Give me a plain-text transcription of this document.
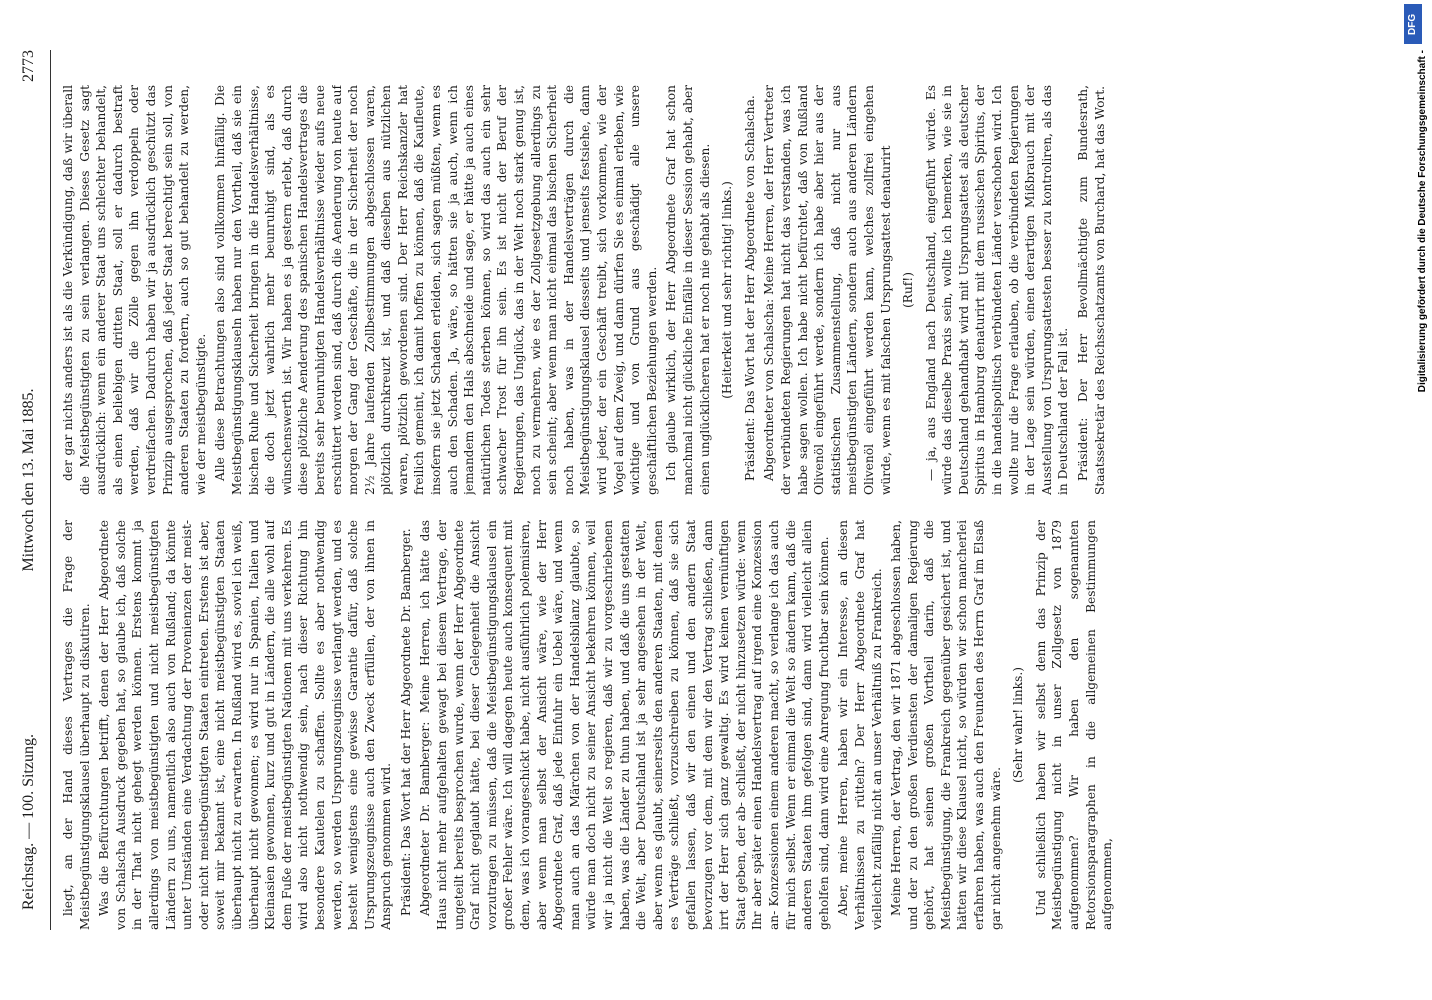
Reichstag. — 100. Sitzung.
Mittwoch den 13. Mai 1885.
2773

liegt, an der Hand dieses Vertrages die Frage der Meistbegünstigungsklausel überhaupt zu diskutiren. Was die Befürchtungen betrifft, denen der Herr Abgeordnete von Schalscha Ausdruck gegeben hat, so glaube ich, daß solche in der That nicht gehegt werden können. Erstens kommt ja allerdings von meistbegünstigten und nicht meistbegünstigten Ländern zu uns, namentlich also auch von Rußland; da könnte unter Umständen eine Verdachtung der Provenienzen der meist- oder nicht meistbegünstigten Staaten eintreten. Erstens ist aber, soweit mir bekannt ist, eine nicht meistbegünstigten Staaten überhaupt nicht zu erwarten. In Rußland wird es, soviel ich weiß, überhaupt nicht gewonnen; es wird nur in Spanien, Italien und Kleinasien gewonnen, kurz und gut in Ländern, die alle wohl auf dem Fuße der meistbegünstigten Nationen mit uns verkehren. Es wird also nicht nothwendig sein, nach dieser Richtung hin besondere Kautelen zu schaffen. Sollte es aber nothwendig werden, so werden Ursprungszeugnisse verlangt werden, und es besteht wenigstens eine gewisse Garantie dafür, daß solche Ursprungszeugnisse auch den Zweck erfüllen, der von ihnen in Anspruch genommen wird. Präsident: Das Wort hat der Herr Abgeordnete Dr. Bamberger. Abgeordneter Dr. Bamberger: Meine Herren, ich hätte das Haus nicht mehr aufgehalten gewagt bei diesem Vertrage, der ungeteilt bereits besprochen wurde, wenn der Herr Abgeordnete Graf nicht geglaubt hätte, bei dieser Gelegenheit die Ansicht vorzutragen zu müssen, daß die Meistbegünstigungsklausel ein großer Fehler wäre. Ich will dagegen heute auch konsequent mit dem, was ich vorangeschickt habe, nicht ausführlich polemisiren, aber wenn man selbst der Ansicht wäre, wie der Herr Abgeordnete Graf, daß jede Einfuhr ein Uebel wäre, und wenn man auch an das Märchen von der Handelsbilanz glaubte, so würde man doch nicht zu seiner Ansicht bekehren können, weil wir ja nicht die Welt so regieren, daß wir zu vorgeschriebenen haben, was die Länder zu thun haben, und daß die uns gestatten die Welt, aber Deutschland ist ja sehr angesehen in der Welt, aber wenn es glaubt, seinerseits den anderen Staaten, mit denen es Verträge schließt, vorzuschreiben zu können, daß sie sich gefallen lassen, daß wir den einen und den andern Staat bevorzugen vor dem, mit dem wir den Vertrag schließen, dann irrt der Herr sich ganz gewaltig. Es wird keinen vernünftigen Staat geben, der ab- schließt, der nicht hinzusetzen würde: wenn Ihr aber später einen Handelsvertrag auf irgend eine Konzession an- Konzessionen einem anderen macht, so verlange ich das auch für mich selbst. Wenn er einmal die Welt so ändern kann, daß die anderen Staaten ihm gefolgen sind, dann wird vielleicht allein geholfen sind, dann wird eine Anregung fruchtbar sein können. Aber, meine Herren, haben wir ein Interesse, an diesen Verhältnissen zu rütteln? Der Herr Abgeordnete Graf hat vielleicht zufällig nicht an unser Verhältniß zu Frankreich. Meine Herren, der Vertrag, den wir 1871 abgeschlossen haben, und der zu den großen Verdiensten der damaligen Regierung gehört, hat seinen großen Vortheil darin, daß die Meistbegünstigung, die Frankreich gegenüber gesichert ist, und hätten wir diese Klausel nicht, so würden wir schon mancherlei erfahren haben, was auch den Freunden des Herrn Graf im Elsaß gar nicht angenehm wäre.

(Sehr wahr! links.) Und schließlich haben wir selbst denn das Prinzip der Meistbegünstigung nicht in unser Zollgesetz von 1879 aufgenommen? Wir haben den sogenannten Retorsionsparagraphen in die allgemeinen Bestimmungen aufgenommen,

der gar nichts anders ist als die Verkündigung, daß wir überall die Meistbegünstigten zu sein verlangen. Dieses Gesetz sagt ausdrücklich: wenn ein anderer Staat uns schlechter behandelt, als einen beliebigen dritten Staat, soll er dadurch bestraft werden, daß wir die Zölle gegen ihn verdoppeln oder verdreifachen. Dadurch haben wir ja ausdrücklich geschützt das Prinzip ausgesprochen, daß jeder Staat berechtigt sein soll, von anderen Staaten zu fordern, auch so gut behandelt zu werden, wie der meistbegünstigte. Alle diese Betrachtungen also sind vollkommen hinfällig. Die Meistbegünstigungsklauseln haben nur den Vortheil, daß sie ein bischen Ruhe und Sicherheit bringen in die Handelsverhältnisse, die doch jetzt wahrlich mehr beunruhigt sind, als es wünschenswerth ist. Wir haben es ja gestern erlebt, daß durch diese plötzliche Aenderung des spanischen Handelsvertrages die bereits sehr beunruhigten Handelsverhältnisse wieder aufs neue erschüttert worden sind, daß durch die Aenderung von heute auf morgen der Gang der Geschäfte, die in der Sicherheit der noch 2½ Jahre laufenden Zollbestimmungen abgeschlossen waren, plötzlich durchkreuzt ist, und daß dieselben aus nützlichen waren, plötzlich gewordenen sind. Der Herr Reichskanzler hat freilich gemeint, ich damit hoffen zu können, daß die Kaufleute, insofern sie jetzt Schaden erleiden, sich sagen müßten, wenn es auch den Schaden. Ja, wäre, so hätten sie ja auch, wenn ich jemandem den Hals abschneide und sage, er hätte ja auch eines natürlichen Todes sterben können, so wird das auch ein sehr schwacher Trost für ihn sein. Es ist nicht der Beruf der Regierungen, das Unglück, das in der Welt noch stark genug ist, noch zu vermehren, wie es der Zollgesetzgebung allerdings zu sein scheint; aber wenn man nicht einmal das bischen Sicherheit noch haben, was in der Handelsverträgen durch die Meistbegünstigungsklausel diesseits und jenseits festsiehe, dann wird jeder, der ein Geschäft treibt, sich vorkommen, wie der Vogel auf dem Zweig, und dann dürfen Sie es einmal erleben, wie wichtige und von Grund aus geschädigt alle unsere geschäftlichen Beziehungen werden. Ich glaube wirklich, der Herr Abgeordnete Graf hat schon manchmal nicht glückliche Einfälle in dieser Session gehabt, aber einen unglücklicheren hat er noch nie gehabt als diesen. (Heiterkeit und sehr richtig! links.) Präsident: Das Wort hat der Herr Abgeordnete von Schalscha. Abgeordneter von Schalscha: Meine Herren, der Herr Vertreter der verbündeten Regierungen hat nicht das verstanden, was ich habe sagen wollen. Ich habe nicht befürchtet, daß von Rußland Olivenöl eingeführt werde, sondern ich habe aber hier aus der statistischen Zusammenstellung, daß nicht nur aus meistbegünstigten Ländern, sondern auch aus anderen Ländern Olivenöl eingeführt werden kann, welches zollfrei eingehen würde, wenn es mit falschen Ursprungsattest denaturirt (Ruf!) — ja, aus England nach Deutschland, eingeführt würde. Es würde das dieselbe Praxis sein, wollte ich bemerken, wie sie in Deutschland gehandhabt wird mit Ursprungsattest als deutscher Spiritus in Hamburg denaturirt mit dem russischen Spiritus, der in die handelspolitisch verbündeten Länder verschoben wird. Ich wollte nur die Frage erlauben, ob die verbündeten Regierungen in der Lage sein würden, einen derartigen Mißbrauch mit der Ausstellung von Ursprungsattesten besser zu kontroliren, als das in Deutschland der Fall ist. Präsident: Der Herr Bevollmächtigte zum Bundesrath, Staatssekretär des Reichsschatzamts von Burchard, hat das Wort.

DFG
Digitalisierung gefördert durch die Deutsche Forschungsgemeinschaft -
